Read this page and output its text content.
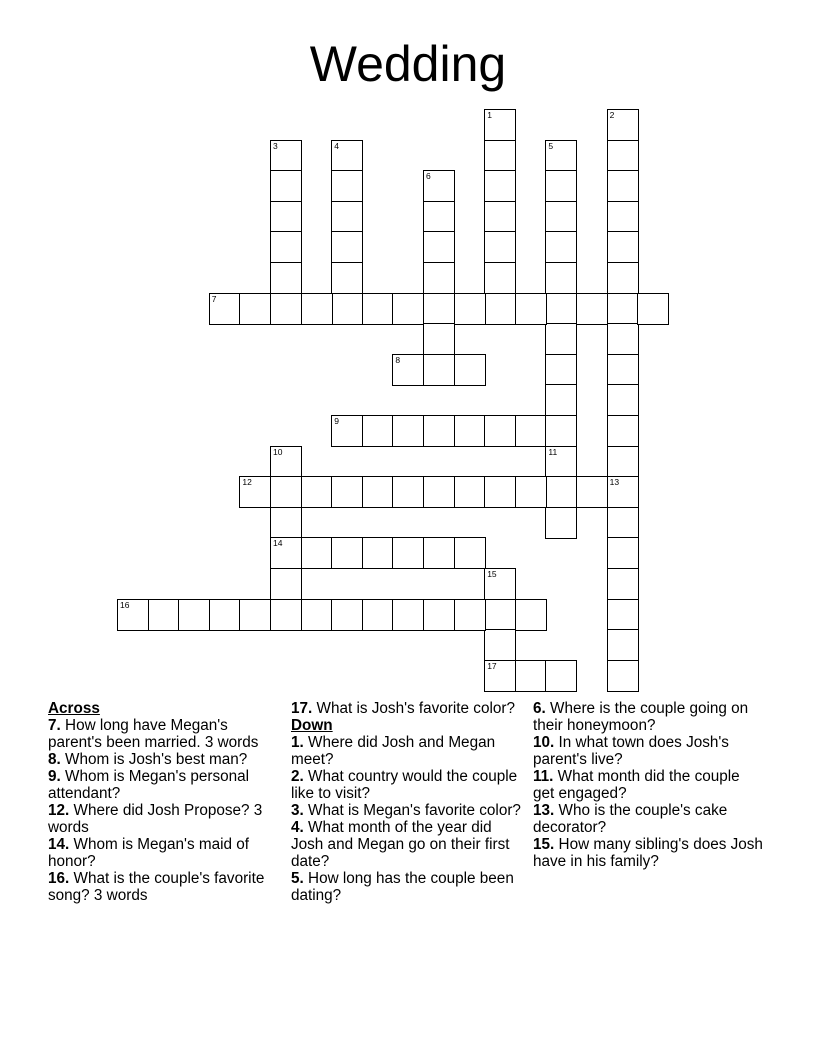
Wedding
1	2
3	4	5
6
7
8
9
10
14
11
12	13
15
17
16
Across
7. How long have Megan's parent's been married. 3 words
8. Whom is Josh's best man?
9. Whom is Megan's personal attendant?
12. Where did Josh Propose? 3 words
14. Whom is Megan's maid of honor?
16. What is the couple's favorite song? 3 words
17. What is Josh's favorite color?
Down
1. Where did Josh and Megan meet?
2. What country would the couple like to visit?
3. What is Megan's favorite color?
4. What month of the year did Josh and Megan go on their first date?
5. How long has the couple been dating?
6. Where is the couple going on their honeymoon?
10. In what town does Josh's parent's live?
11. What month did the couple get engaged?
13. Who is the couple's cake decorator?
15. How many sibling's does Josh have in his family?
